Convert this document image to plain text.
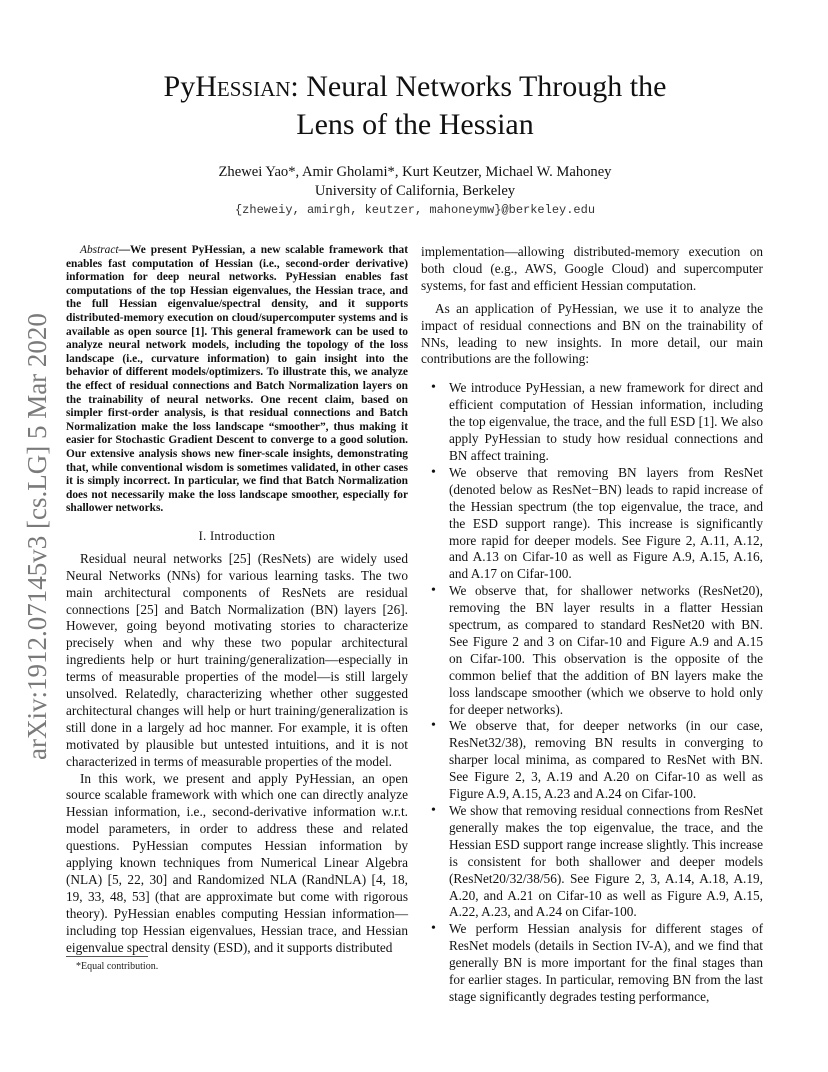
arXiv:1912.07145v3 [cs.LG] 5 Mar 2020
PyHessian: Neural Networks Through the
Lens of the Hessian
Zhewei Yao*, Amir Gholami*, Kurt Keutzer, Michael W. Mahoney
University of California, Berkeley
{zheweiy, amirgh, keutzer, mahoneymw}@berkeley.edu

Abstract—We present PyHessian, a new scalable framework that enables fast computation of Hessian (i.e., second-order derivative) information for deep neural networks. PyHessian enables fast computations of the top Hessian eigenvalues, the Hessian trace, and the full Hessian eigenvalue/spectral density, and it supports distributed-memory execution on cloud/supercomputer systems and is available as open source [1]. This general framework can be used to analyze neural network models, including the topology of the loss landscape (i.e., curvature information) to gain insight into the behavior of different models/optimizers. To illustrate this, we analyze the effect of residual connections and Batch Normalization layers on the trainability of neural networks. One recent claim, based on simpler first-order analysis, is that residual connections and Batch Normalization make the loss landscape “smoother”, thus making it easier for Stochastic Gradient Descent to converge to a good solution. Our extensive analysis shows new finer-scale insights, demonstrating that, while conventional wisdom is sometimes validated, in other cases it is simply incorrect. In particular, we find that Batch Normalization does not necessarily make the loss landscape smoother, especially for shallower networks.

I. Introduction

Residual neural networks [25] (ResNets) are widely used Neural Networks (NNs) for various learning tasks. The two main architectural components of ResNets are residual connections [25] and Batch Normalization (BN) layers [26]. However, going beyond motivating stories to characterize precisely when and why these two popular architectural ingredients help or hurt training/generalization—especially in terms of measurable properties of the model—is still largely unsolved. Relatedly, characterizing whether other suggested architectural changes will help or hurt training/generalization is still done in a largely ad hoc manner. For example, it is often motivated by plausible but untested intuitions, and it is not characterized in terms of measurable properties of the model.

In this work, we present and apply PyHessian, an open source scalable framework with which one can directly analyze Hessian information, i.e., second-derivative information w.r.t. model parameters, in order to address these and related questions. PyHessian computes Hessian information by applying known techniques from Numerical Linear Algebra (NLA) [5, 22, 30] and Randomized NLA (RandNLA) [4, 18, 19, 33, 48, 53] (that are approximate but come with rigorous theory). PyHessian enables computing Hessian information—including top Hessian eigenvalues, Hessian trace, and Hessian eigenvalue spectral density (ESD), and it supports distributed

*Equal contribution.

implementation—allowing distributed-memory execution on both cloud (e.g., AWS, Google Cloud) and supercomputer systems, for fast and efficient Hessian computation.

As an application of PyHessian, we use it to analyze the impact of residual connections and BN on the trainability of NNs, leading to new insights. In more detail, our main contributions are the following:

• We introduce PyHessian, a new framework for direct and efficient computation of Hessian information, including the top eigenvalue, the trace, and the full ESD [1]. We also apply PyHessian to study how residual connections and BN affect training.
• We observe that removing BN layers from ResNet (denoted below as ResNet−BN) leads to rapid increase of the Hessian spectrum (the top eigenvalue, the trace, and the ESD support range). This increase is significantly more rapid for deeper models. See Figure 2, A.11, A.12, and A.13 on Cifar-10 as well as Figure A.9, A.15, A.16, and A.17 on Cifar-100.
• We observe that, for shallower networks (ResNet20), removing the BN layer results in a flatter Hessian spectrum, as compared to standard ResNet20 with BN. See Figure 2 and 3 on Cifar-10 and Figure A.9 and A.15 on Cifar-100. This observation is the opposite of the common belief that the addition of BN layers make the loss landscape smoother (which we observe to hold only for deeper networks).
• We observe that, for deeper networks (in our case, ResNet32/38), removing BN results in converging to sharper local minima, as compared to ResNet with BN. See Figure 2, 3, A.19 and A.20 on Cifar-10 as well as Figure A.9, A.15, A.23 and A.24 on Cifar-100.
• We show that removing residual connections from ResNet generally makes the top eigenvalue, the trace, and the Hessian ESD support range increase slightly. This increase is consistent for both shallower and deeper models (ResNet20/32/38/56). See Figure 2, 3, A.14, A.18, A.19, A.20, and A.21 on Cifar-10 as well as Figure A.9, A.15, A.22, A.23, and A.24 on Cifar-100.
• We perform Hessian analysis for different stages of ResNet models (details in Section IV-A), and we find that generally BN is more important for the final stages than for earlier stages. In particular, removing BN from the last stage significantly degrades testing performance,
